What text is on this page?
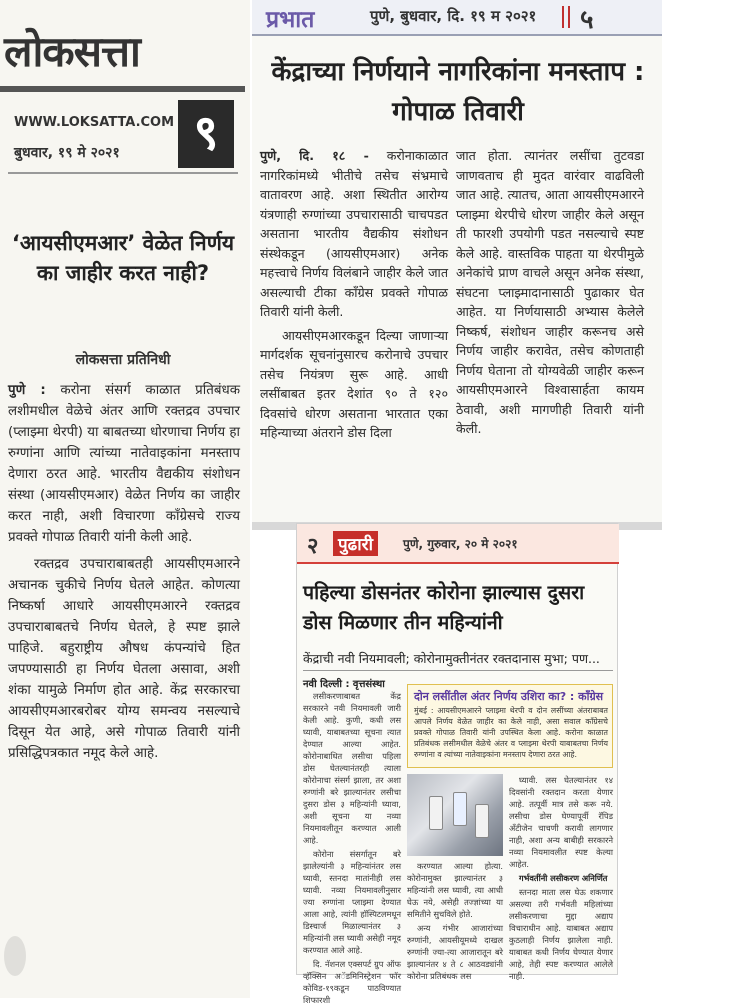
लोकसत्ता
WWW.LOKSATTA.COM
बुधवार, १९ मे २०२१	९
‘आयसीएमआर’ वेळेत निर्णय का जाहीर करत नाही?
लोकसत्ता प्रतिनिधी

पुणे : करोना संसर्ग काळात प्रतिबंधक लशीमधील वेळेचे अंतर आणि रक्तद्रव उपचार (प्लाझ्मा थेरपी) या बाबतच्या धोरणाचा निर्णय हा रुग्णांना आणि त्यांच्या नातेवाइकांना मनस्ताप देणारा ठरत आहे. भारतीय वैद्यकीय संशोधन संस्था (आयसीएमआर) वेळेत निर्णय का जाहीर करत नाही, अशी विचारणा काँग्रेसचे राज्य प्रवक्ते गोपाळ तिवारी यांनी केली आहे.

रक्तद्रव उपचाराबाबतही आयसीएमआरने अचानक चुकीचे निर्णय घेतले आहेत. कोणत्या निष्कर्षा आधारे आयसीएमआरने रक्तद्रव उपचाराबाबतचे निर्णय घेतले, हे स्पष्ट झाले पाहिजे. बहुराष्ट्रीय औषध कंपन्यांचे हित जपण्यासाठी हा निर्णय घेतला असावा, अशी शंका यामुळे निर्माण होत आहे. केंद्र सरकारचा आयसीएमआरबरोबर योग्य समन्वय नसल्याचे दिसून येत आहे, असे गोपाळ तिवारी यांनी प्रसिद्धिपत्रकात नमूद केले आहे.

प्रभात	पुणे, बुधवार, दि. १९ म २०२१ ५
केंद्राच्या निर्णयाने नागरिकांना मनस्ताप : गोपाळ तिवारी

पुणे, दि. १८ - करोनाकाळात नागरिकांमध्ये भीतीचे तसेच संभ्रमाचे वातावरण आहे. अशा स्थितीत आरोग्य यंत्रणाही रुग्णांच्या उपचारासाठी चाचपडत असताना भारतीय वैद्यकीय संशोधन संस्थेकडून (आयसीएमआर) अनेक महत्त्वाचे निर्णय विलंबाने जाहीर केले जात असल्याची टीका काँग्रेस प्रवक्ते गोपाळ तिवारी यांनी केली.

आयसीएमआरकडून दिल्या जाणाऱ्या मार्गदर्शक सूचनांनुसारच करोनाचे उपचार तसेच नियंत्रण सुरू आहे. आधी लसींबाबत इतर देशांत ९० ते १२० दिवसांचे धोरण असताना भारतात एका महिन्याच्या अंतराने डोस दिला

जात होता. त्यानंतर लसींचा तुटवडा जाणवताच ही मुदत वारंवार वाढविली जात आहे. त्यातच, आता आयसीएमआरने प्लाझ्मा थेरपीचे धोरण जाहीर केले असून ती फारशी उपयोगी पडत नसल्याचे स्पष्ट केले आहे. वास्तविक पाहता या थेरपीमुळे अनेकांचे प्राण वाचले असून अनेक संस्था, संघटना प्लाझ्मादानासाठी पुढाकार घेत आहेत. या निर्णयासाठी अभ्यास केलेले निष्कर्ष, संशोधन जाहीर करूनच असे निर्णय जाहीर करावेत, तसेच कोणताही निर्णय घेताना तो योग्यवेळी जाहीर करून आयसीएमआरने विश्वासार्हता कायम ठेवावी, अशी मागणीही तिवारी यांनी केली.

२ पुढारी	पुणे, गुरुवार, २० मे २०२१
पहिल्या डोसनंतर कोरोना झाल्यास दुसरा डोस मिळणार तीन महिन्यांनी
केंद्राची नवी नियमावली; कोरोनामुक्तीनंतर रक्तदानास मुभा; पण...
नवी दिल्ली : वृत्तसंस्था

लसीकरणाबाबत केंद्र सरकारने नवी नियमावली जारी केली आहे. कुणी, कधी लस घ्यावी, याबाबतच्या सूचना त्यात देण्यात आल्या आहेत. कोरोनाबाधित लसीचा पहिला डोस घेतल्यानंतरही त्याला कोरोनाचा संसर्ग झाला, तर अशा रुग्णांनी बरे झाल्यानंतर लसीचा दुसरा डोस ३ महिन्यांनी घ्यावा, अशी सूचना या नव्या नियमावलीतून करण्यात आली आहे.

कोरोना संसर्गातून बरे झालेल्यांनी ३ महिन्यांनंतर लस घ्यावी, स्तनदा मातांनीही लस घ्यावी. नव्या नियमावलीनुसार ज्या रुग्णांना प्लाझ्मा देण्यात आला आहे, त्यांनी हॉस्पिटलमधून डिस्चार्ज मिळाल्यानंतर ३ महिन्यांनी लस घ्यावी असेही नमूद करण्यात आले आहे.

दि. नॅशनल एक्सपर्ट ग्रुप ऑफ व्हॅक्सिन अॅडमिनिस्ट्रेशन फॉर कोविड-१९कडून पाठविण्यात शिफारशी

दोन लसींतील अंतर निर्णय उशिरा का? : काँग्रेस
मुंबई : आयसीएमआरने प्लाझ्मा थेरपी व दोन लसींच्या अंतराबाबत आपले निर्णय वेळेत जाहीर का केले नाही, असा सवाल काँग्रेसचे प्रवक्ते गोपाळ तिवारी यांनी उपस्थित केला आहे. करोना काळात प्रतिबंधक लसीमधील वेळेचे अंतर व प्लाझ्मा थेरपी याबाबतचा निर्णय रुग्णांना व त्यांच्या नातेवाइकांना मनस्ताप देणारा ठरत आहे.

करण्यात आल्या होत्या. कोरोनामुक्त झाल्यानंतर ३ महिन्यांनी लस घ्यावी, त्या आधी घेऊ नये, असेही तज्ज्ञांच्या या समितीने सुचविले होते.

अन्य गंभीर आजारांच्या रुग्णांनी, आयसीयूमध्ये दाखल रुग्णांनी ज्या-त्या आजारातून बरे झाल्यानंतर ४ ते ८ आठवड्यांनी कोरोना प्रतिबंधक लस

घ्यावी. लस घेतल्यानंतर १४ दिवसांनी रक्तदान करता येणार आहे. तत्पूर्वी मात्र तसे करू नये. लसीचा डोस घेण्यापूर्वी रॅपिड अँटीजेन चाचणी करावी लागणार नाही, अशा अन्य बाबीही सरकारने नव्या नियमावलीत स्पष्ट केल्या आहेत.

गर्भवतींनी लसीकरण अनिर्णित

स्तनदा माता लस घेऊ शकणार असल्या तरी गर्भवती महिलांच्या लसीकरणाचा मुद्दा अद्याप विचाराधीन आहे. याबाबत अद्याप कुठलाही निर्णय झालेला नाही. याबाबत कधी निर्णय घेण्यात येणार आहे, तेही स्पष्ट करण्यात आलेले नाही.
